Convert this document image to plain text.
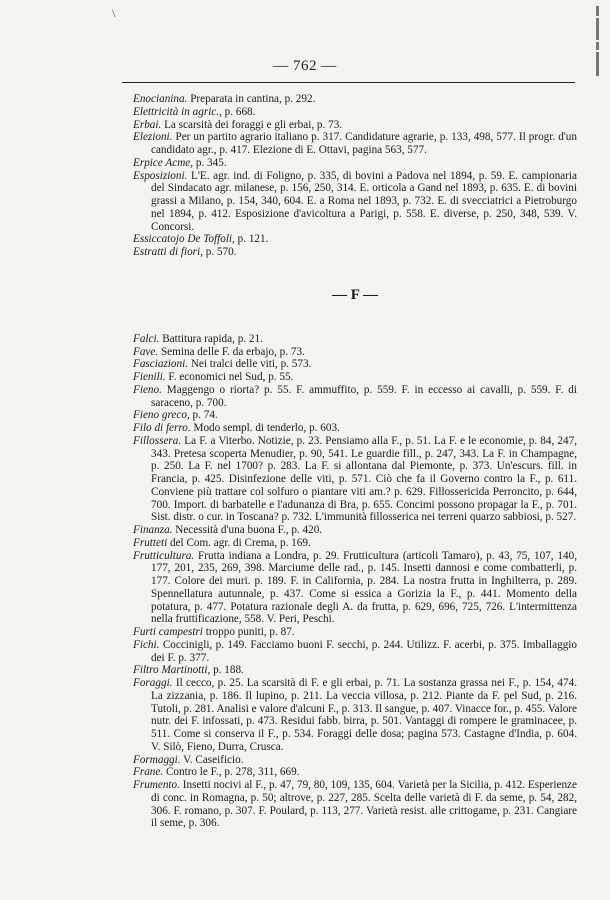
\
— 762 —

Enocianina. Preparata in cantina, p. 292.

Elettricità in agric., p. 668.

Erbai. La scarsità dei foraggi e gli erbai, p. 73.

Elezioni. Per un partito agrario italiano p. 317. Candidature agrarie, p. 133, 498, 577. Il progr. d'un candidato agr., p. 417. Elezione di E. Ottavi, pagina 563, 577.

Erpice Acme, p. 345.

Esposizioni. L'E. agr. ind. di Foligno, p. 335, di bovini a Padova nel 1894, p. 59. E. campionaria del Sindacato agr. milanese, p. 156, 250, 314. E. orticola a Gand nel 1893, p. 635. E. di bovini grassi a Milano, p. 154, 340, 604. E. a Roma nel 1893, p. 732. E. di svecciatrici a Pietroburgo nel 1894, p. 412. Esposizione d'avicoltura a Parigi, p. 558. E. diverse, p. 250, 348, 539. V. Concorsi.

Essiccatojo De Toffoli, p. 121.

Estratti di fiori, p. 570.

— F —

Falci. Battitura rapida, p. 21.

Fave. Semina delle F. da erbajo, p. 73.

Fasciazioni. Nei tralci delle viti, p. 573.

Fienili. F. economici nel Sud, p. 55.

Fieno. Maggengo o riorta? p. 55. F. ammuffito, p. 559. F. in eccesso ai cavalli, p. 559. F. di saraceno, p. 700.

Fieno greco, p. 74.

Filo di ferro. Modo sempl. di tenderlo, p. 603.

Fillossera. La F. a Viterbo. Notizie, p. 23. Pensiamo alla F., p. 51. La F. e le economie, p. 84, 247, 343. Pretesa scoperta Menudier, p. 90, 541. Le guardie fill., p. 247, 343. La F. in Champagne, p. 250. La F. nel 1700? p. 283. La F. si allontana dal Piemonte, p. 373. Un'escurs. fill. in Francia, p. 425. Disinfezione delle viti, p. 571. Ciò che fa il Governo contro la F., p. 611. Conviene più trattare col solfuro o piantare viti am.? p. 629. Fillossericida Perroncito, p. 644, 700. Import. di barbatelle e l'adunanza di Bra, p. 655. Concimi possono propagar la F., p. 701. Sist. distr. o cur. in Toscana? p. 732. L'immunità fillosserica nei terreni quarzo sabbiosi, p. 527.

Finanza. Necessità d'una buona F., p. 420.

Frutteti del Com. agr. di Crema, p. 169.

Frutticultura. Frutta indiana a Londra, p. 29. Frutticultura (articoli Tamaro), p. 43, 75, 107, 140, 177, 201, 235, 269, 398. Marciume delle rad., p. 145. Insetti dannosi e come combatterli, p. 177. Colore dei muri. p. 189. F. in California, p. 284. La nostra frutta in Inghilterra, p. 289. Spennellatura autunnale, p. 437. Come si essica a Gorizia la F., p. 441. Momento della potatura, p. 477. Potatura razionale degli A. da frutta, p. 629, 696, 725, 726. L'intermittenza nella fruttificazione, 558. V. Peri, Peschi.

Furti campestri troppo puniti, p. 87.

Fichi. Coccinigli, p. 149. Facciamo buoni F. secchi, p. 244. Utilizz. F. acerbi, p. 375. Imballaggio dei F. p. 377.

Filtro Martinotti, p. 188.

Foraggi. Il cecco, p. 25. La scarsità di F. e gli erbai, p. 71. La sostanza grassa nei F., p. 154, 474. La zizzania, p. 186. Il lupino, p. 211. La veccia villosa, p. 212. Piante da F. pel Sud, p. 216. Tutoli, p. 281. Analisi e valore d'alcuni F., p. 313. Il sangue, p. 407. Vinacce for., p. 455. Valore nutr. dei F. infossati, p. 473. Residui fabb. birra, p. 501. Vantaggi di rompere le graminacee, p. 511. Come si conserva il F., p. 534. Foraggi delle dosa; pagina 573. Castagne d'India, p. 604. V. Silò, Fieno, Durra, Crusca.

Formaggi. V. Caseificio.

Frane. Contro le F., p. 278, 311, 669.

Frumento. Insetti nocivi al F., p. 47, 79, 80, 109, 135, 604. Varietà per la Sicilia, p. 412. Esperienze di conc. in Romagna, p. 50; altrove, p. 227, 285. Scelta delle varietà di F. da seme, p. 54, 282, 306. F. romano, p. 307. F. Poulard, p. 113, 277. Varietà resist. alle crittogame, p. 231. Cangiare il seme, p. 306.
